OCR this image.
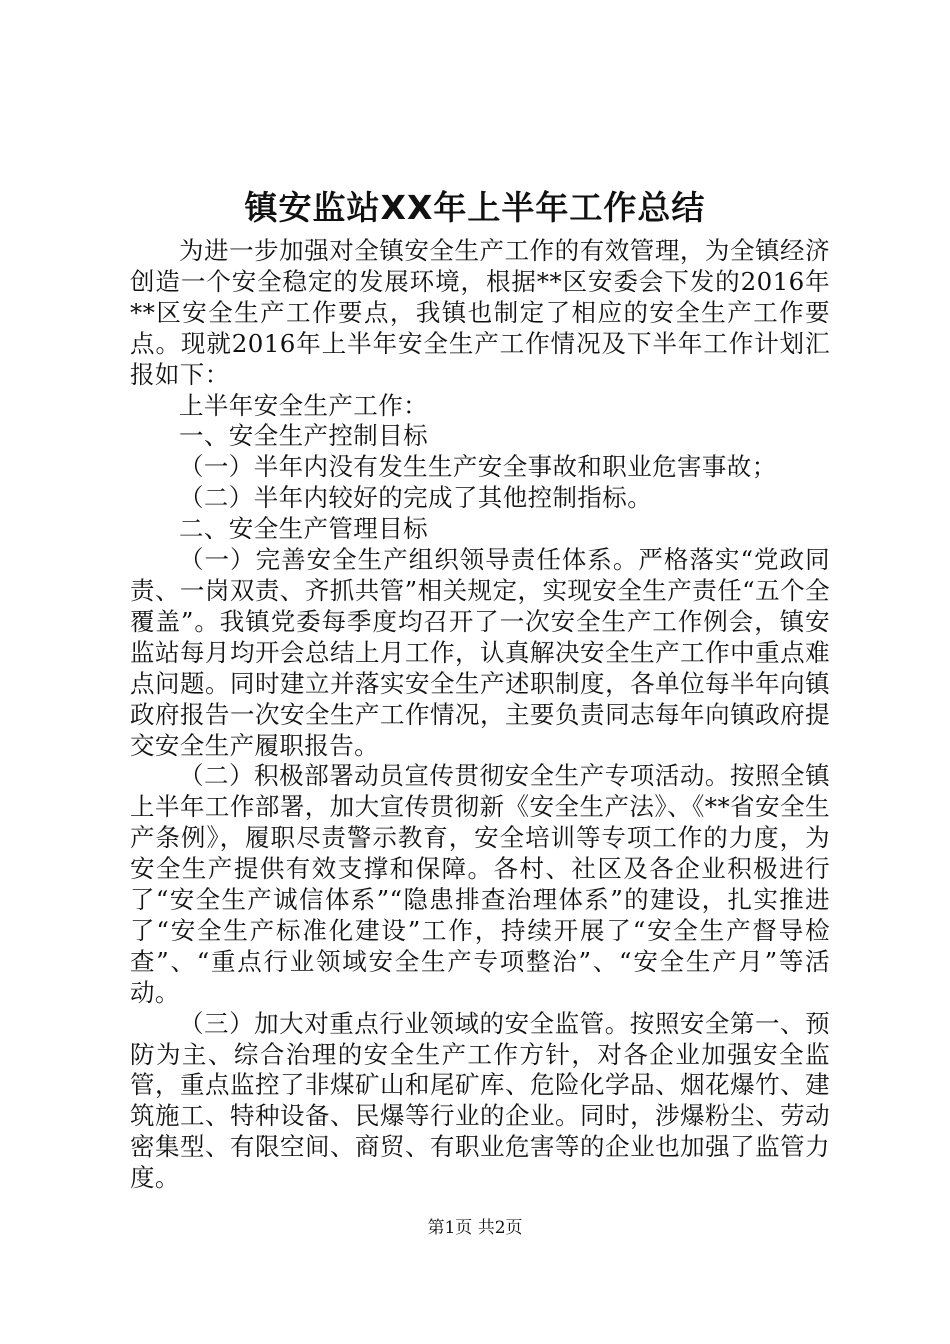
镇安监站XX年上半年工作总结

为进一步加强对全镇安全生产工作的有效管理，为全镇经济创造一个安全稳定的发展环境，根据**区安委会下发的2016年**区安全生产工作要点，我镇也制定了相应的安全生产工作要点。现就2016年上半年安全生产工作情况及下半年工作计划汇报如下：

上半年安全生产工作：

一、安全生产控制目标

（一）半年内没有发生生产安全事故和职业危害事故；

（二）半年内较好的完成了其他控制指标。

二、安全生产管理目标

（一）完善安全生产组织领导责任体系。严格落实“党政同责、一岗双责、齐抓共管”相关规定，实现安全生产责任“五个全覆盖”。我镇党委每季度均召开了一次安全生产工作例会，镇安监站每月均开会总结上月工作，认真解决安全生产工作中重点难点问题。同时建立并落实安全生产述职制度，各单位每半年向镇政府报告一次安全生产工作情况，主要负责同志每年向镇政府提交安全生产履职报告。

（二）积极部署动员宣传贯彻安全生产专项活动。按照全镇上半年工作部署，加大宣传贯彻新《安全生产法》、《**省安全生产条例》，履职尽责警示教育，安全培训等专项工作的力度，为安全生产提供有效支撑和保障。各村、社区及各企业积极进行了“安全生产诚信体系”“隐患排查治理体系”的建设，扎实推进了“安全生产标准化建设”工作，持续开展了“安全生产督导检查”、“重点行业领域安全生产专项整治”、“安全生产月”等活动。

（三）加大对重点行业领域的安全监管。按照安全第一、预防为主、综合治理的安全生产工作方针，对各企业加强安全监管，重点监控了非煤矿山和尾矿库、危险化学品、烟花爆竹、建筑施工、特种设备、民爆等行业的企业。同时，涉爆粉尘、劳动密集型、有限空间、商贸、有职业危害等的企业也加强了监管力度。

第1页 共2页
